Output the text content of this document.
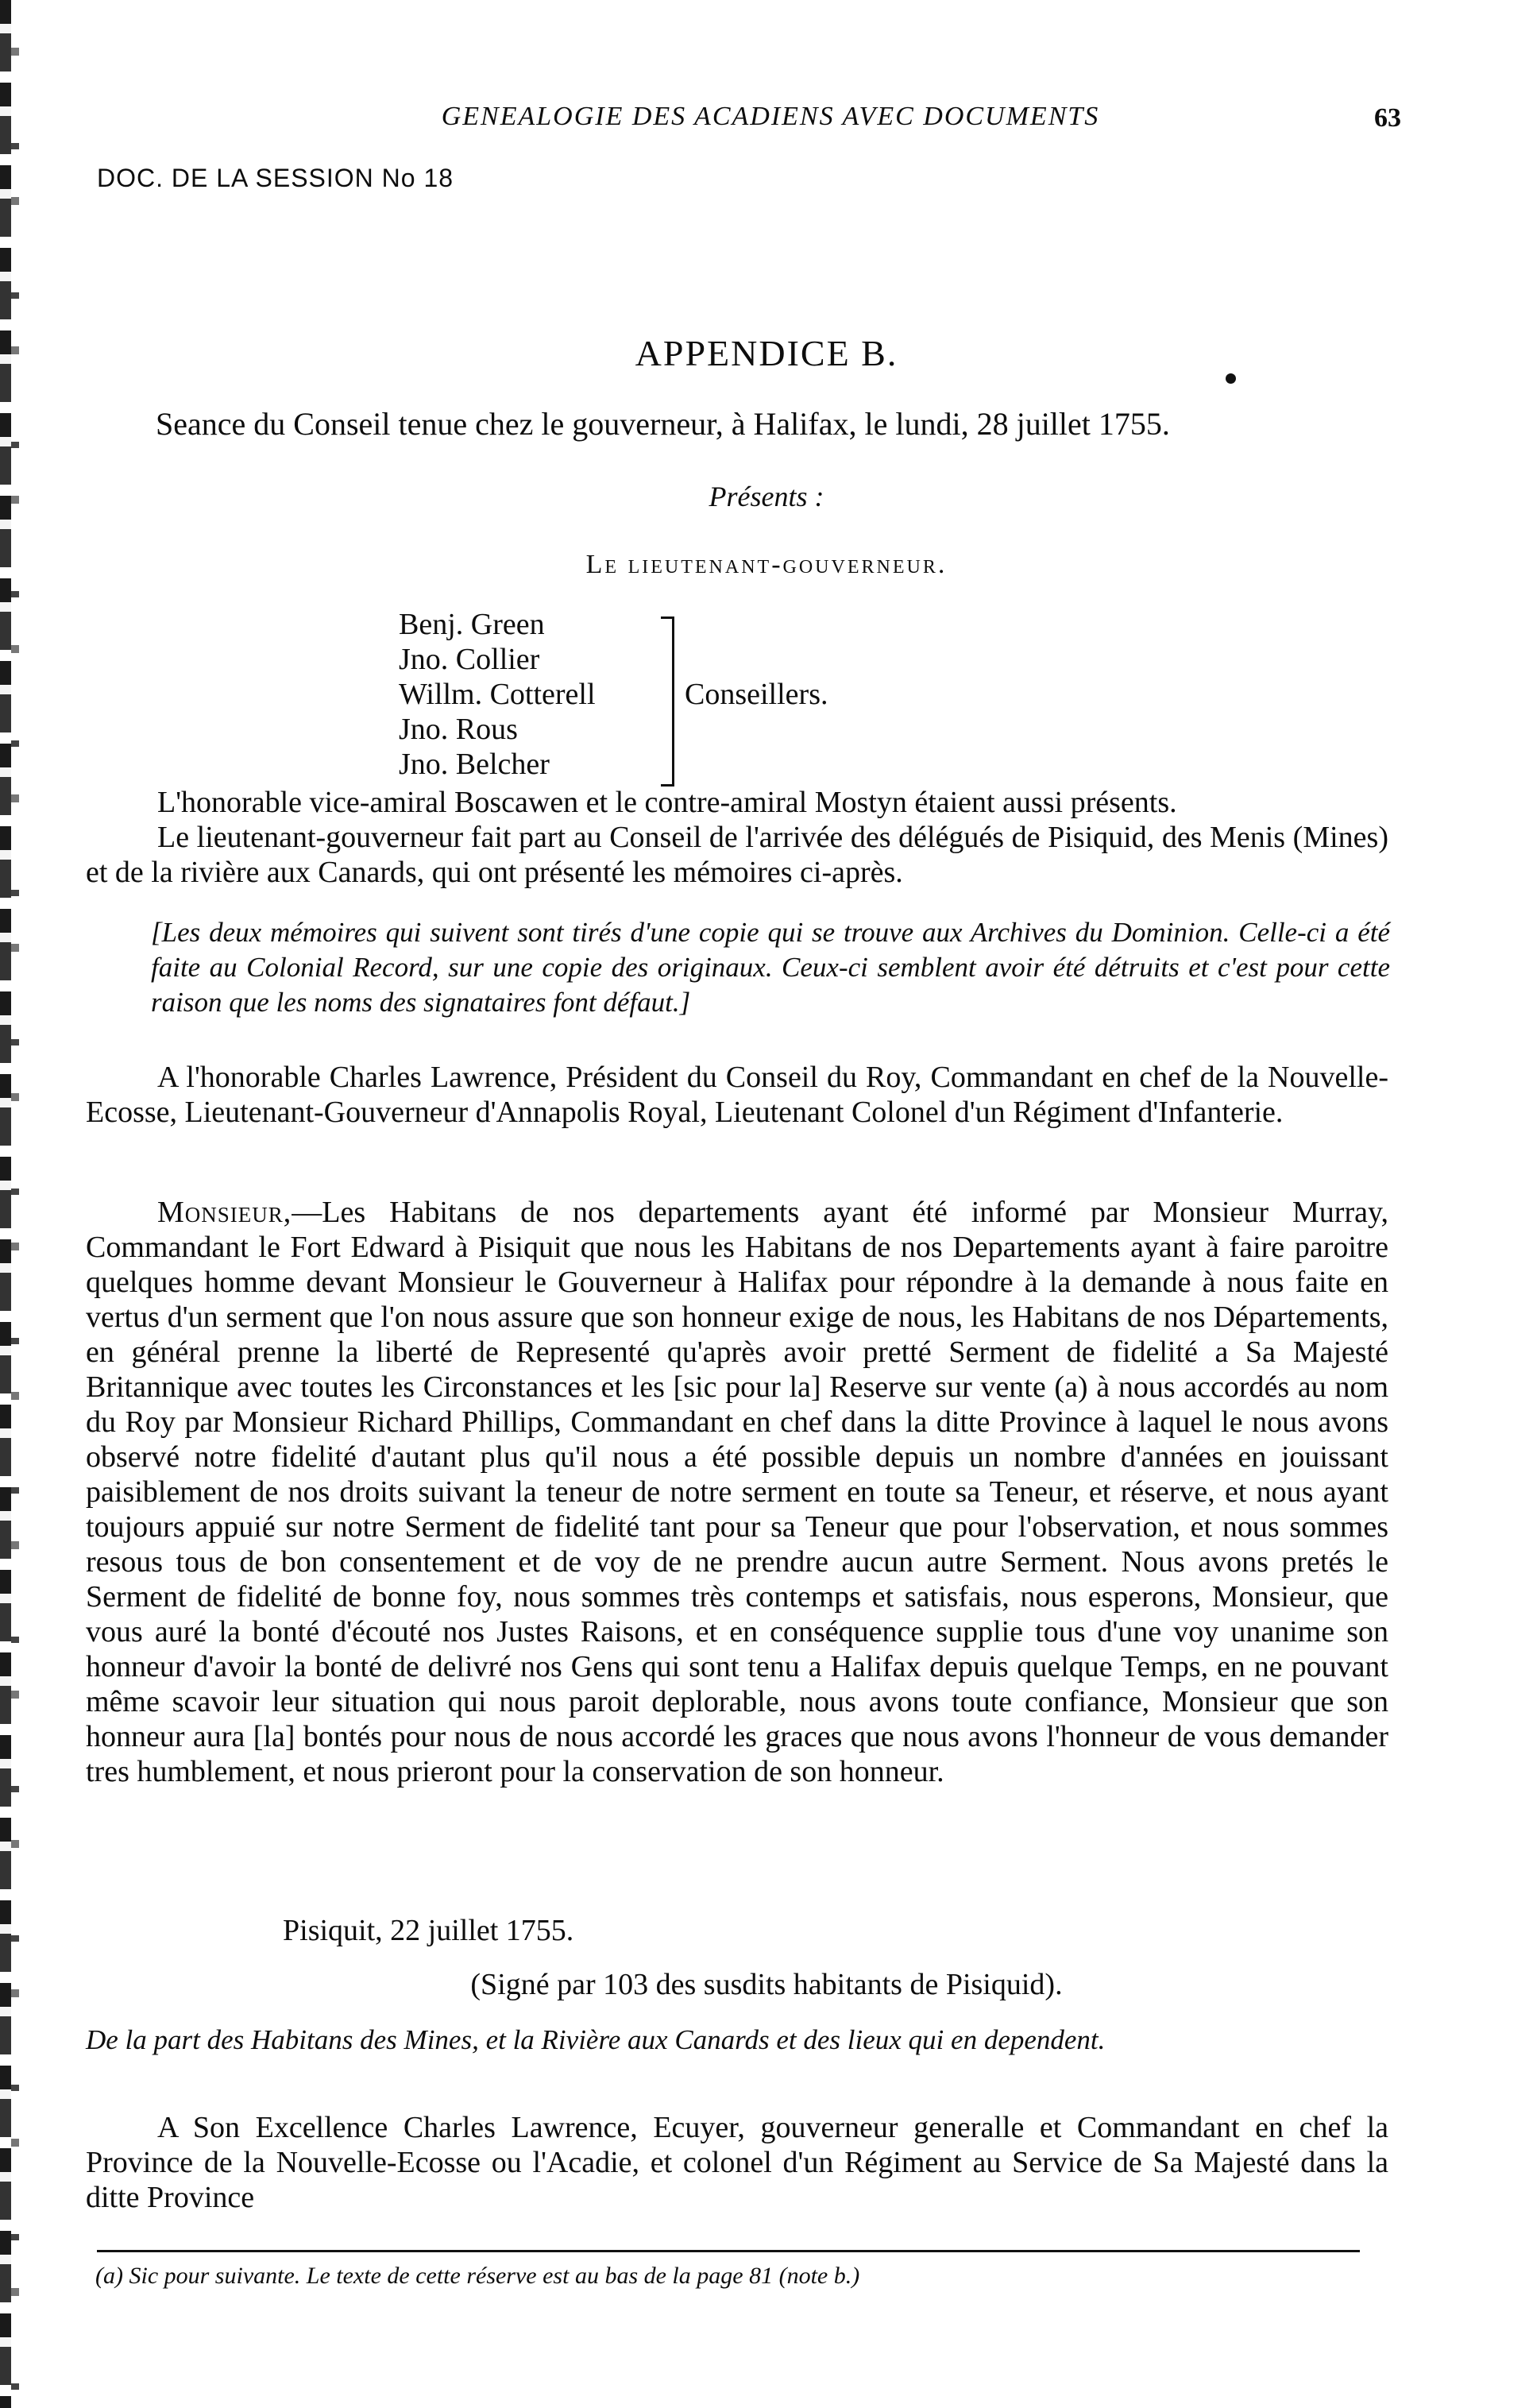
GENEALOGIE DES ACADIENS AVEC DOCUMENTS	63
DOC. DE LA SESSION No 18
APPENDICE B.
Seance du Conseil tenue chez le gouverneur, à Halifax, le lundi, 28 juillet 1755.
Présents :
Le lieutenant-gouverneur.
Benj. Green
Jno. Collier
Willm. Cotterell
Jno. Rous
Jno. Belcher
Conseillers.
L'honorable vice-amiral Boscawen et le contre-amiral Mostyn étaient aussi présents.
Le lieutenant-gouverneur fait part au Conseil de l'arrivée des délégués de Pisiquid, des Menis (Mines) et de la rivière aux Canards, qui ont présenté les mémoires ci-après.
[Les deux mémoires qui suivent sont tirés d'une copie qui se trouve aux Archives du Dominion. Celle-ci a été faite au Colonial Record, sur une copie des originaux. Ceux-ci semblent avoir été détruits et c'est pour cette raison que les noms des signataires font défaut.]
A l'honorable Charles Lawrence, Président du Conseil du Roy, Commandant en chef de la Nouvelle-Ecosse, Lieutenant-Gouverneur d'Annapolis Royal, Lieutenant Colonel d'un Régiment d'Infanterie.
Monsieur,—Les Habitans de nos departements ayant été informé par Monsieur Murray, Commandant le Fort Edward à Pisiquit que nous les Habitans de nos Departements ayant à faire paroitre quelques homme devant Monsieur le Gouverneur à Halifax pour répondre à la demande à nous faite en vertus d'un serment que l'on nous assure que son honneur exige de nous, les Habitans de nos Départements, en général prenne la liberté de Representé qu'après avoir pretté Serment de fidelité a Sa Majesté Britannique avec toutes les Circonstances et les [sic pour la] Reserve sur vente (a) à nous accordés au nom du Roy par Monsieur Richard Phillips, Commandant en chef dans la ditte Province à laquel le nous avons observé notre fidelité d'autant plus qu'il nous a été possible depuis un nombre d'années en jouissant paisiblement de nos droits suivant la teneur de notre serment en toute sa Teneur, et réserve, et nous ayant toujours appuié sur notre Serment de fidelité tant pour sa Teneur que pour l'observation, et nous sommes resous tous de bon consentement et de voy de ne prendre aucun autre Serment. Nous avons pretés le Serment de fidelité de bonne foy, nous sommes très contemps et satisfais, nous esperons, Monsieur, que vous auré la bonté d'écouté nos Justes Raisons, et en conséquence supplie tous d'une voy unanime son honneur d'avoir la bonté de delivré nos Gens qui sont tenu a Halifax depuis quelque Temps, en ne pouvant même scavoir leur situation qui nous paroit deplorable, nous avons toute confiance, Monsieur que son honneur aura [la] bontés pour nous de nous accordé les graces que nous avons l'honneur de vous demander tres humblement, et nous prieront pour la conservation de son honneur.
Pisiquit, 22 juillet 1755.
(Signé par 103 des susdits habitants de Pisiquid).
De la part des Habitans des Mines, et la Rivière aux Canards et des lieux qui en dependent.
A Son Excellence Charles Lawrence, Ecuyer, gouverneur generalle et Commandant en chef la Province de la Nouvelle-Ecosse ou l'Acadie, et colonel d'un Régiment au Service de Sa Majesté dans la ditte Province
(a) Sic pour suivante. Le texte de cette réserve est au bas de la page 81 (note b.)
